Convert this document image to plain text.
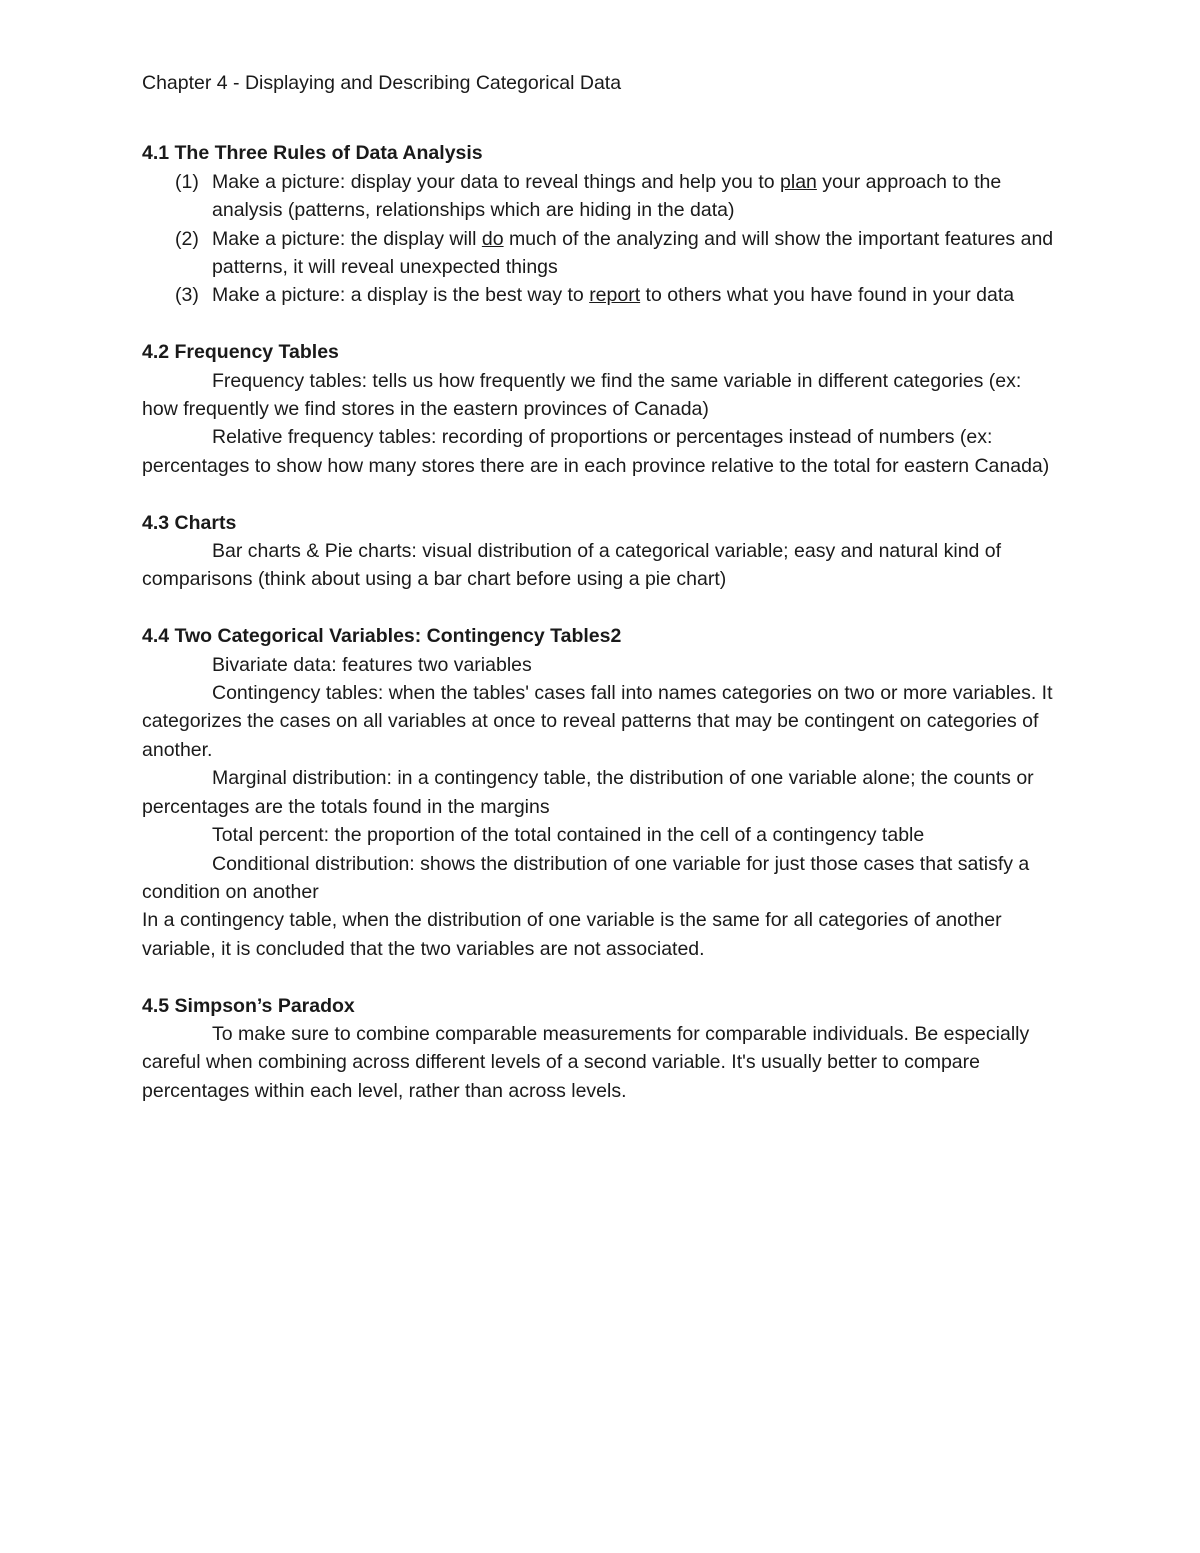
Chapter 4 - Displaying and Describing Categorical Data
4.1 The Three Rules of Data Analysis
(1) Make a picture: display your data to reveal things and help you to plan your approach to the analysis (patterns, relationships which are hiding in the data)
(2) Make a picture: the display will do much of the analyzing and will show the important features and patterns, it will reveal unexpected things
(3) Make a picture: a display is the best way to report to others what you have found in your data
4.2 Frequency Tables

Frequency tables: tells us how frequently we find the same variable in different categories (ex: how frequently we find stores in the eastern provinces of Canada)

Relative frequency tables: recording of proportions or percentages instead of numbers (ex: percentages to show how many stores there are in each province relative to the total for eastern Canada)

4.3 Charts

Bar charts & Pie charts: visual distribution of a categorical variable; easy and natural kind of comparisons (think about using a bar chart before using a pie chart)

4.4 Two Categorical Variables: Contingency Tables2

Bivariate data: features two variables

Contingency tables: when the tables' cases fall into names categories on two or more variables. It categorizes the cases on all variables at once to reveal patterns that may be contingent on categories of another.

Marginal distribution: in a contingency table, the distribution of one variable alone; the counts or percentages are the totals found in the margins

Total percent: the proportion of the total contained in the cell of a contingency table

Conditional distribution: shows the distribution of one variable for just those cases that satisfy a condition on another

In a contingency table, when the distribution of one variable is the same for all categories of another variable, it is concluded that the two variables are not associated.

4.5 Simpson’s Paradox

To make sure to combine comparable measurements for comparable individuals. Be especially careful when combining across different levels of a second variable. It's usually better to compare percentages within each level, rather than across levels.
